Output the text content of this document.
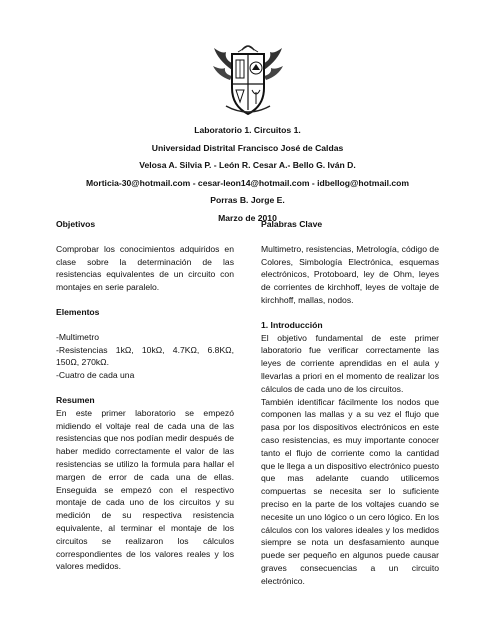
Laboratorio 1. Circuitos 1.
Universidad Distrital Francisco José de Caldas
Velosa A. Silvia P. - León R. Cesar A.- Bello G. Iván D.
Morticia-30@hotmail.com - cesar-leon14@hotmail.com - idbellog@hotmail.com
Porras B. Jorge E.
Marzo de 2010

Objetivos

Comprobar los conocimientos adquiridos en clase sobre la determinación de las resistencias equivalentes de un circuito con montajes en serie paralelo.

Elementos

-Multimetro

-Resistencias 1kΩ, 10kΩ, 4.7KΩ, 6.8KΩ, 150Ω, 270kΩ.

-Cuatro de cada una

Resumen

En este primer laboratorio se empezó midiendo el voltaje real de cada una de las resistencias que nos podían medir después de haber medido correctamente el valor de las resistencias se utilizo la formula para hallar el margen de error de cada una de ellas. Enseguida se empezó con el respectivo montaje de cada uno de los circuitos y su medición de su respectiva resistencia equivalente, al terminar el montaje de los circuitos se realizaron los cálculos correspondientes de los valores reales y los valores medidos.

Palabras Clave

Multimetro, resistencias, Metrología, código de Colores, Simbología Electrónica, esquemas electrónicos, Protoboard, ley de Ohm, leyes de corrientes de kirchhoff, leyes de voltaje de kirchhoff, mallas, nodos.

1. Introducción

El objetivo fundamental de este primer laboratorio fue verificar correctamente las leyes de corriente aprendidas en el aula y llevarlas a priori en el momento de realizar los cálculos de cada uno de los circuitos.

También identificar fácilmente los nodos que componen las mallas y a su vez el flujo que pasa por los dispositivos electrónicos en este caso resistencias, es muy importante conocer tanto el flujo de corriente como la cantidad que le llega a un dispositivo electrónico puesto que mas adelante cuando utilicemos compuertas se necesita ser lo suficiente preciso en la parte de los voltajes cuando se necesite un uno lógico o un cero lógico. En los cálculos con los valores ideales y los medidos siempre se nota un desfasamiento aunque puede ser pequeño en algunos puede causar graves consecuencias a un circuito electrónico.
